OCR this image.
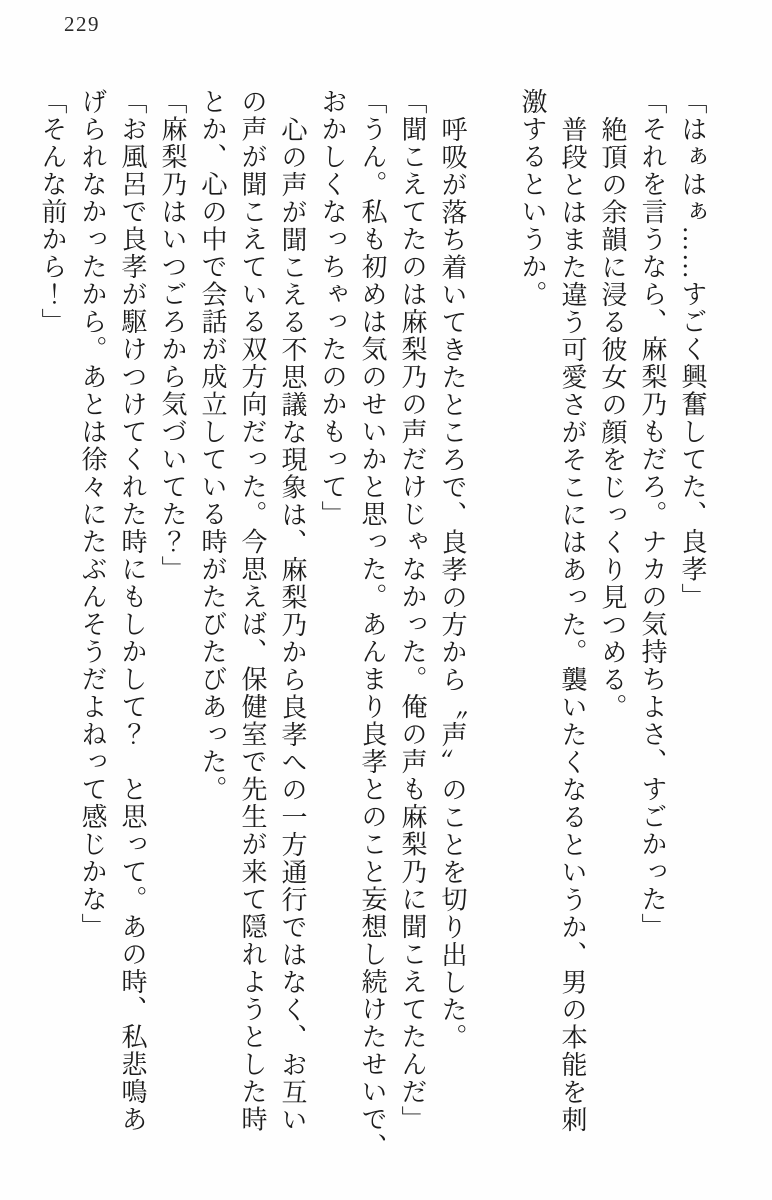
229
「はぁはぁ……すごく興奮してた、良孝」
「それを言うなら、麻梨乃もだろ。ナカの気持ちよさ、すごかった」
絶頂の余韻に浸る彼女の顔をじっくり見つめる。
普段とはまた違う可愛さがそこにはあった。襲いたくなるというか、男の本能を刺
激するというか。
呼吸が落ち着いてきたところで、良孝の方から〝声〟のことを切り出した。
「聞こえてたのは麻梨乃の声だけじゃなかった。俺の声も麻梨乃に聞こえてたんだ」
「うん。私も初めは気のせいかと思った。あんまり良孝とのこと妄想し続けたせいで、
おかしくなっちゃったのかもって」
心の声が聞こえる不思議な現象は、麻梨乃から良孝への一方通行ではなく、お互い
の声が聞こえている双方向だった。今思えば、保健室で先生が来て隠れようとした時
とか、心の中で会話が成立している時がたびたびあった。
「麻梨乃はいつごろから気づいてた？」
「お風呂で良孝が駆けつけてくれた時にもしかして？　と思って。あの時、私悲鳴あ
げられなかったから。あとは徐々にたぶんそうだよねって感じかな」
「そんな前から！」
